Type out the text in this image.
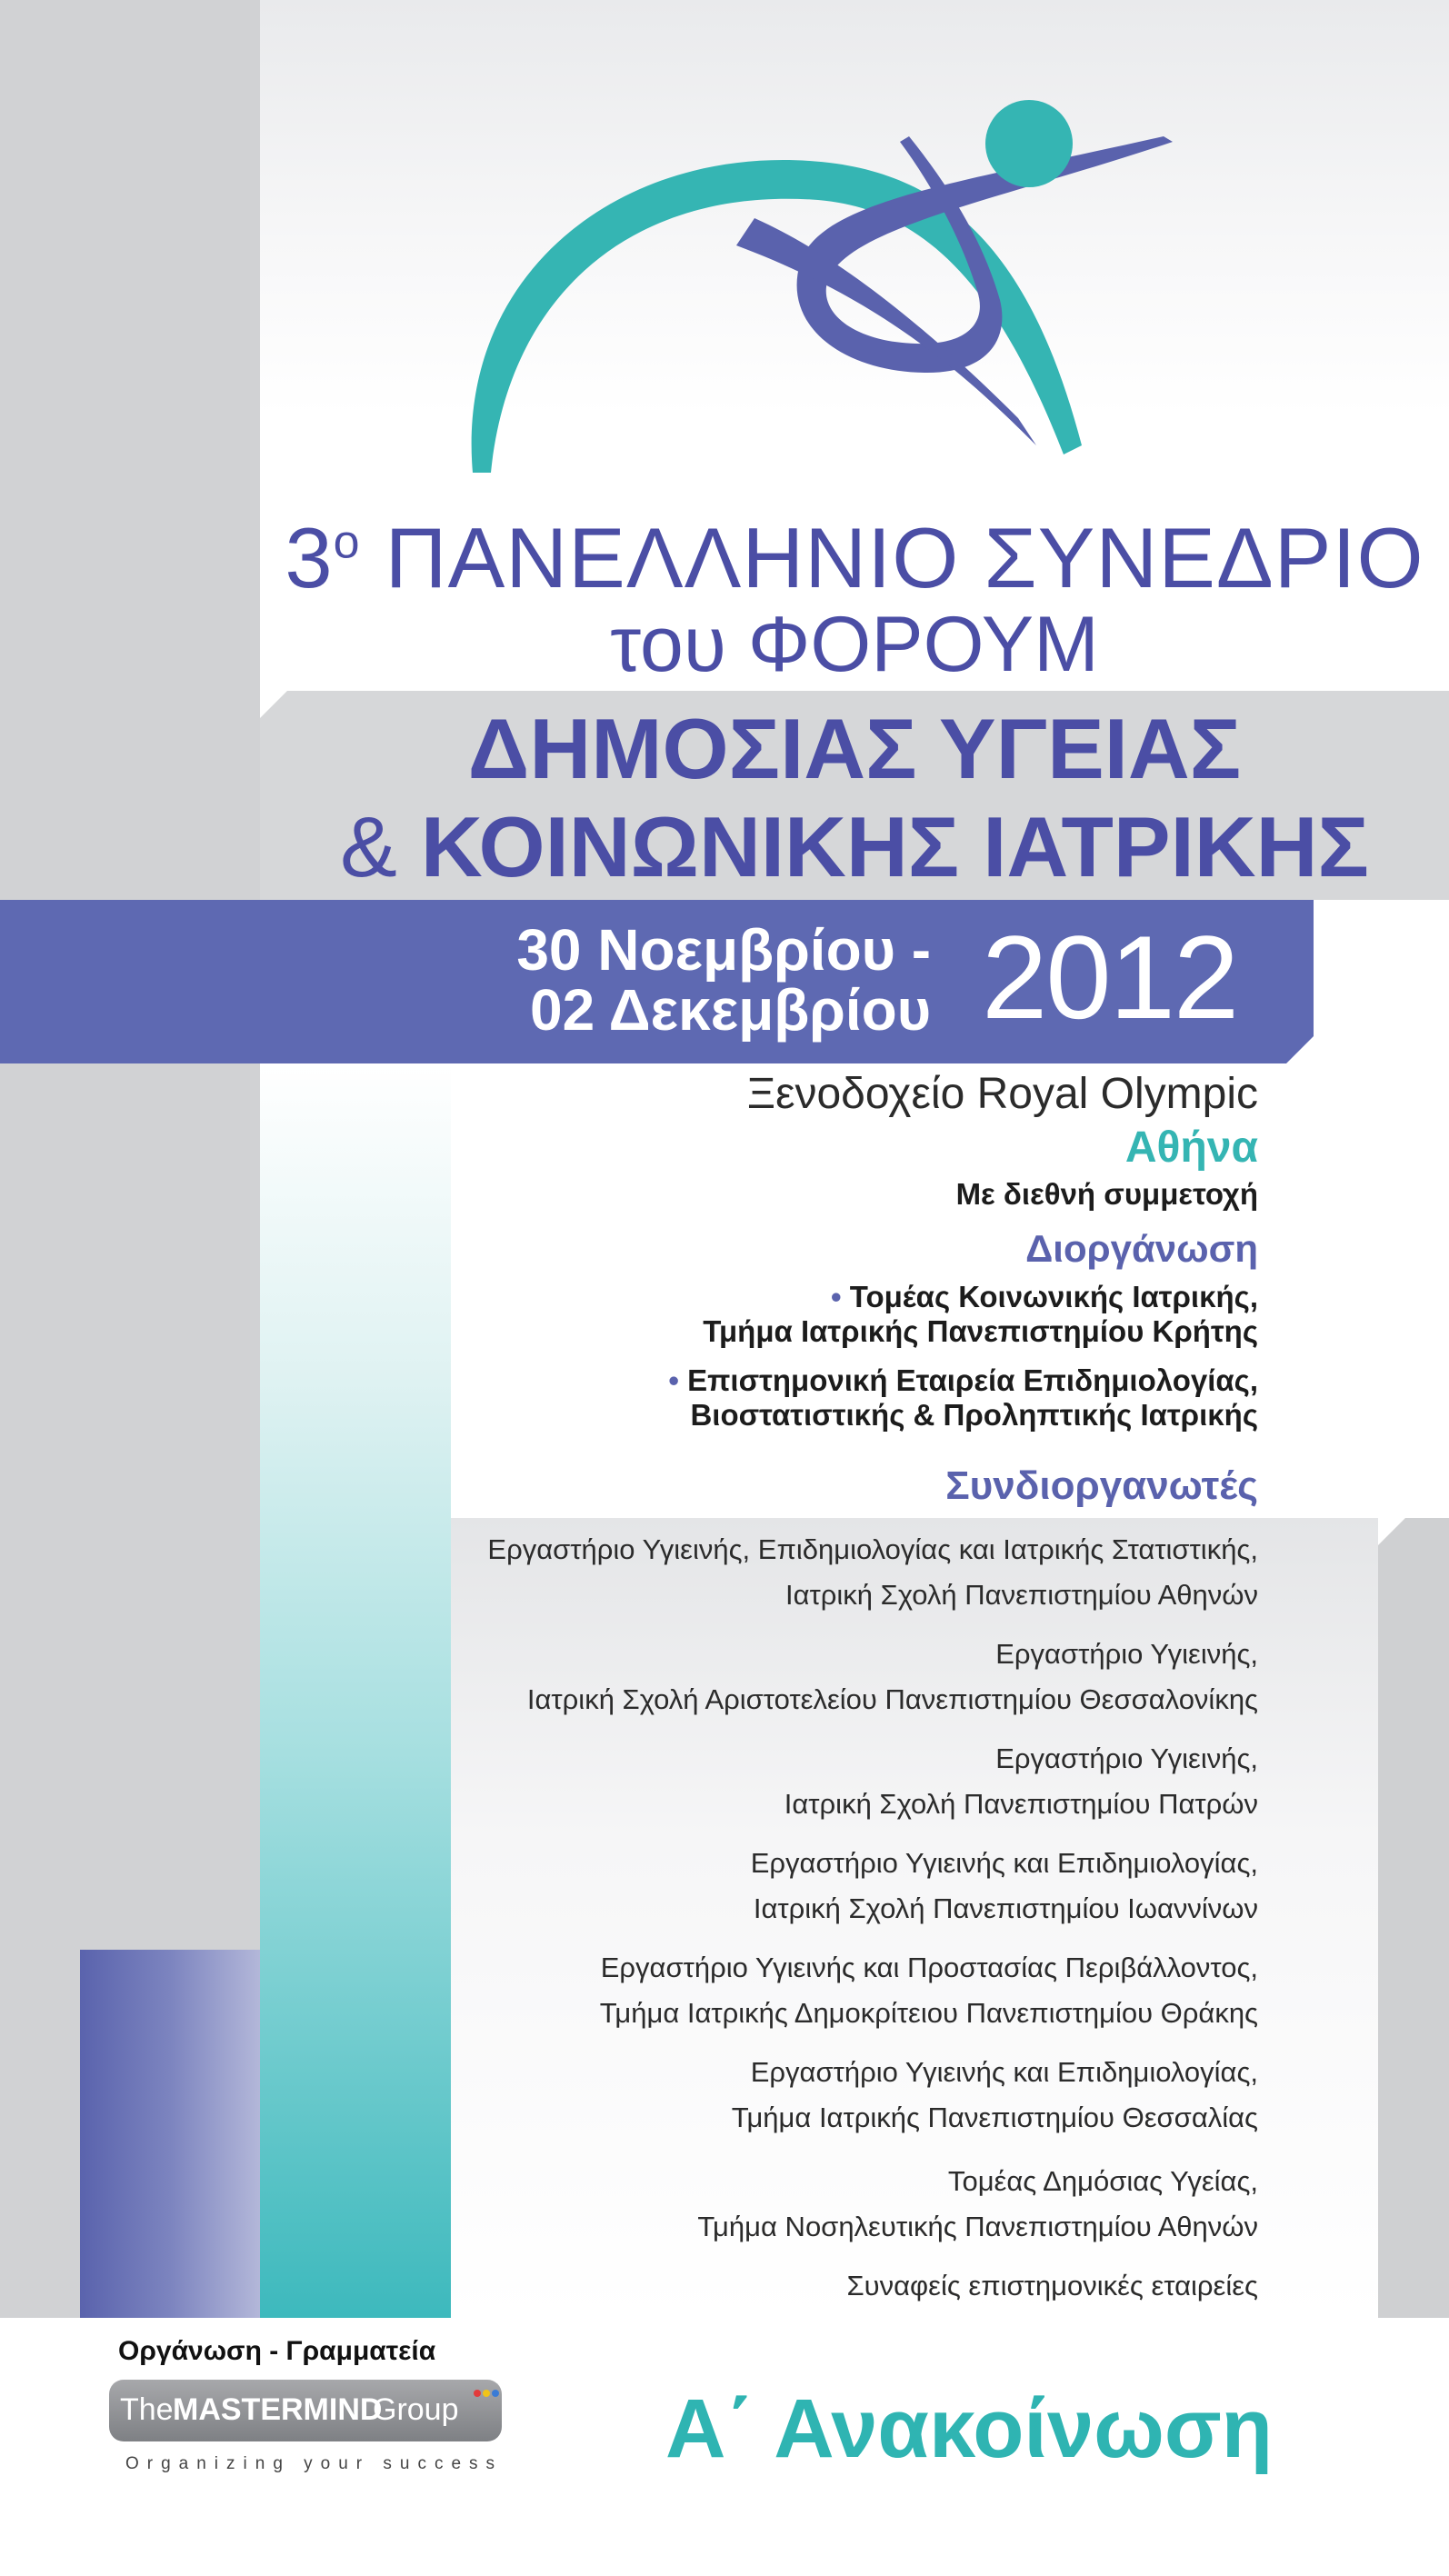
$3^o$ ΠΑΝΕΛΛΗΝΙΟ ΣΥΝΕΔΡΙΟ
του ΦΟΡΟΥΜ
ΔΗΜΟΣΙΑΣ ΥΓΕΙΑΣ
& ΚΟΙΝΩΝΙΚΗΣ ΙΑΤΡΙΚΗΣ
30 Νοεμβρίου -
02 Δεκεμβρίου 2012
Ξενοδοχείο Royal Olympic
Αθήνα
Με διεθνή συμμετοχή
Διοργάνωση
• Τομέας Κοινωνικής Ιατρικής,
Τμήμα Ιατρικής Πανεπιστημίου Κρήτης
• Επιστημονική Εταιρεία Επιδημιολογίας,
Βιοστατιστικής & Προληπτικής Ιατρικής
Συνδιοργανωτές
Εργαστήριο Υγιεινής, Επιδημιολογίας και Ιατρικής Στατιστικής,
Ιατρική Σχολή Πανεπιστημίου Αθηνών
Εργαστήριο Υγιεινής,
Ιατρική Σχολή Αριστοτελείου Πανεπιστημίου Θεσσαλονίκης
Εργαστήριο Υγιεινής,
Ιατρική Σχολή Πανεπιστημίου Πατρών
Εργαστήριο Υγιεινής και Επιδημιολογίας,
Ιατρική Σχολή Πανεπιστημίου Ιωαννίνων
Εργαστήριο Υγιεινής και Προστασίας Περιβάλλοντος,
Τμήμα Ιατρικής Δημοκρίτειου Πανεπιστημίου Θράκης
Εργαστήριο Υγιεινής και Επιδημιολογίας,
Τμήμα Ιατρικής Πανεπιστημίου Θεσσαλίας
Τομέας Δημόσιας Υγείας,
Τμήμα Νοσηλευτικής Πανεπιστημίου Αθηνών
Συναφείς επιστημονικές εταιρείες
Οργάνωση - Γραμματεία
The MASTERMIND
Group
Organizing your success Α΄ Ανακοίνωση
